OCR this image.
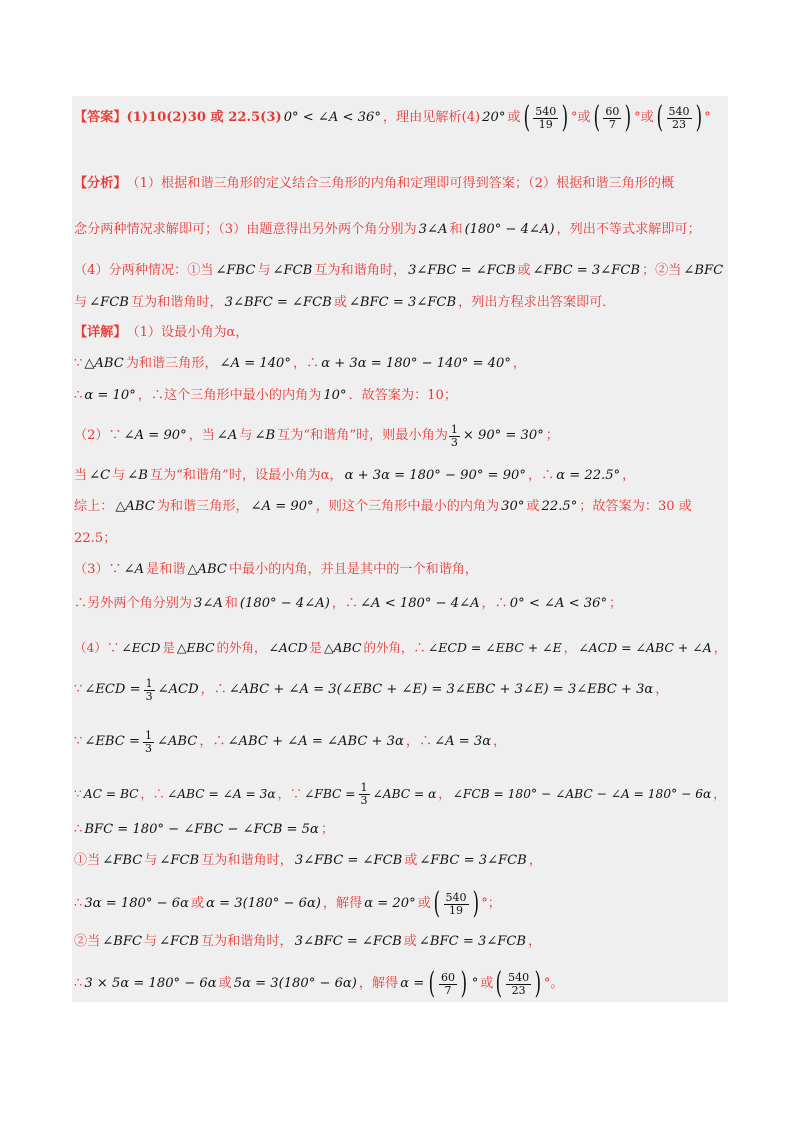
【答案】 (1)10(2)30 或 22.5(3) 0° < ∠A < 36° ，理由见解析(4) 20° 或 ( $\frac{540}{19}$ ) ° 或 ( $\frac{60}{7}$ ) ° 或 ( $\frac{540}{23}$ ) °
【分析】 （1）根据和谐三角形的定义结合三角形的内角和定理即可得到答案；（2）根据和谐三角形的概
念分两种情况求解即可；（3）由题意得出另外两个角分别为 3∠A 和 (180° − 4∠A) ，列出不等式求解即可；
（4）分两种情况：①当 ∠FBC 与 ∠FCB 互为和谐角时， 3∠FBC = ∠FCB 或 ∠FBC = 3∠FCB ；②当 ∠BFC
与 ∠FCB 互为和谐角时， 3∠BFC = ∠FCB 或 ∠BFC = 3∠FCB ，列出方程求出答案即可．
【详解】 （1）设最小角为α，
∵ △ABC 为和谐三角形， ∠A = 140° ，∴ α + 3α = 180° − 140° = 40° ，
∴ α = 10° ，∴这个三角形中最小的内角为 10° ．故答案为：10；
（2）∵ ∠A = 90° ，当 ∠A 与 ∠B 互为“和谐角”时，则最小角为 $\frac{1}{3} \times 90^\circ = 30^\circ$ ；
当 ∠C 与 ∠B 互为“和谐角”时，设最小角为α， α + 3α = 180° − 90° = 90° ，∴ α = 22.5° ，
综上： △ABC 为和谐三角形， ∠A = 90° ，则这个三角形中最小的内角为 30° 或 22.5° ；故答案为：30 或
22.5；
（3）∵ ∠A 是和谐 △ABC 中最小的内角，并且是其中的一个和谐角，
∴另外两个角分别为 3∠A 和 (180° − 4∠A) ，∴ ∠A < 180° − 4∠A ，∴ 0° < ∠A < 36° ；
（4）∵ ∠ECD 是 △EBC 的外角， ∠ACD 是 △ABC 的外角，∴ ∠ECD = ∠EBC + ∠E ， ∠ACD = ∠ABC + ∠A ，
∵ ∠ECD = $\frac{1}{3}$ ∠ACD ，∴ ∠ABC + ∠A = 3(∠EBC + ∠E) = 3∠EBC + 3∠E) = 3∠EBC + 3α ，
∵ ∠EBC = $\frac{1}{3}$ ∠ABC ，∴ ∠ABC + ∠A = ∠ABC + 3α ，∴ ∠A = 3α ，
∵ AC = BC ，∴ ∠ABC = ∠A = 3α ，∵ ∠FBC = $\frac{1}{3}$ ∠ABC = α ， ∠FCB = 180° − ∠ABC − ∠A = 180° − 6α ，
∴ BFC = 180° − ∠FBC − ∠FCB = 5α ；
①当 ∠FBC 与 ∠FCB 互为和谐角时， 3∠FBC = ∠FCB 或 ∠FBC = 3∠FCB ，
∴ 3α = 180° − 6α 或 α = 3(180° − 6α) ，解得 α = 20° 或 ( $\frac{540}{19}$ ) °；
②当 ∠BFC 与 ∠FCB 互为和谐角时， 3∠BFC = ∠FCB 或 ∠BFC = 3∠FCB ，
∴ 3 × 5α = 180° − 6α 或 5α = 3(180° − 6α) ，解得 α = ( $\frac{60}{7}$ ) ° 或 ( $\frac{540}{23}$ ) °。
